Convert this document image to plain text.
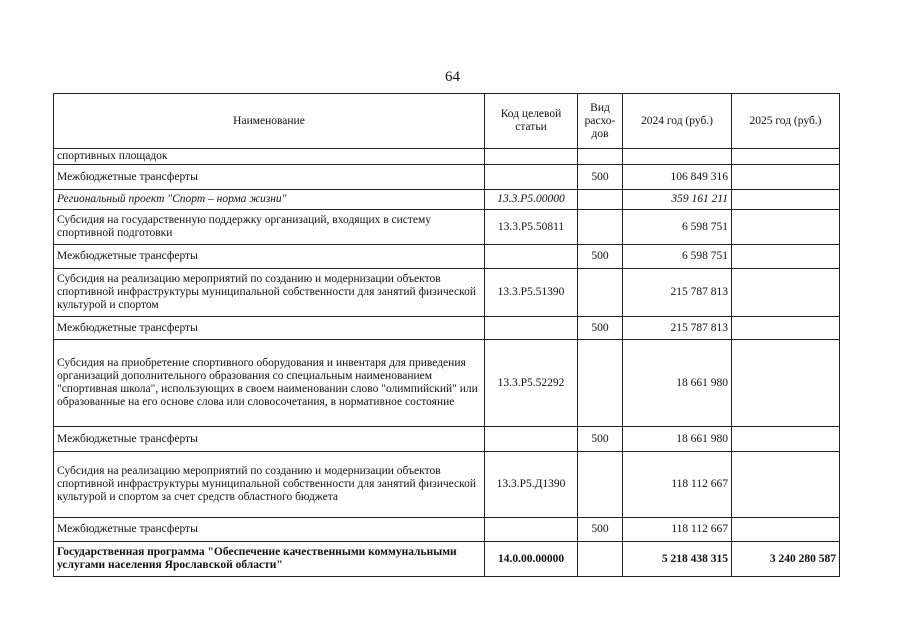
64
Наименование	Код целевой статьи	Вид расхо-дов	2024 год (руб.)	2025 год (руб.)
спортивных площадок				
Межбюджетные трансферты		500	106 849 316	
Региональный проект "Спорт – норма жизни"	13.3.Р5.00000		359 161 211	
Субсидия на государственную поддержку организаций, входящих в систему спортивной подготовки	13.3.Р5.50811		6 598 751	
Межбюджетные трансферты		500	6 598 751	
Субсидия на реализацию мероприятий по созданию и модернизации объектов спортивной инфраструктуры муниципальной собственности для занятий физической культурой и спортом	13.3.Р5.51390		215 787 813	
Межбюджетные трансферты		500	215 787 813	
Субсидия на приобретение спортивного оборудования и инвентаря для приведения организаций дополнительного образования со специальным наименованием "спортивная школа", использующих в своем наименовании слово "олимпийский" или образованные на его основе слова или словосочетания, в нормативное состояние	13.3.Р5.52292		18 661 980	
Межбюджетные трансферты		500	18 661 980	
Субсидия на реализацию мероприятий по созданию и модернизации объектов спортивной инфраструктуры муниципальной собственности для занятий физической культурой и спортом за счет средств областного бюджета	13.3.Р5.Д1390		118 112 667	
Межбюджетные трансферты		500	118 112 667	
Государственная программа "Обеспечение качественными коммунальными услугами населения Ярославской области"	14.0.00.00000		5 218 438 315	3 240 280 587
